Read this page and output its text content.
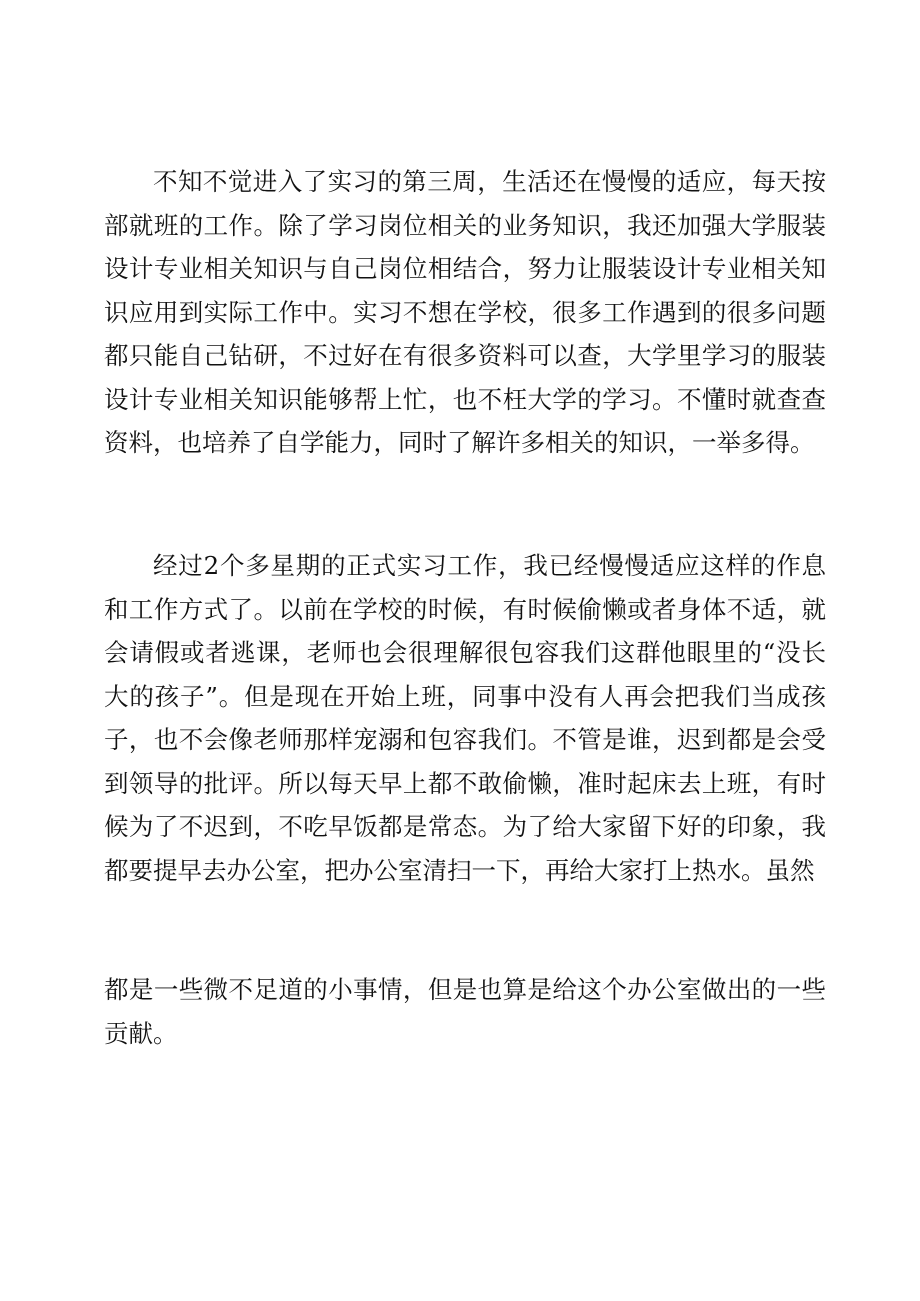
不知不觉进入了实习的第三周，生活还在慢慢的适应，每天按部就班的工作。除了学习岗位相关的业务知识，我还加强大学服装设计专业相关知识与自己岗位相结合，努力让服装设计专业相关知识应用到实际工作中。实习不想在学校，很多工作遇到的很多问题都只能自己钻研，不过好在有很多资料可以查，大学里学习的服装设计专业相关知识能够帮上忙，也不枉大学的学习。不懂时就查查资料，也培养了自学能力，同时了解许多相关的知识，一举多得。

经过2个多星期的正式实习工作，我已经慢慢适应这样的作息和工作方式了。以前在学校的时候，有时候偷懒或者身体不适，就会请假或者逃课，老师也会很理解很包容我们这群他眼里的“没长大的孩子”。但是现在开始上班，同事中没有人再会把我们当成孩子，也不会像老师那样宠溺和包容我们。不管是谁，迟到都是会受到领导的批评。所以每天早上都不敢偷懒，准时起床去上班，有时候为了不迟到，不吃早饭都是常态。为了给大家留下好的印象，我都要提早去办公室，把办公室清扫一下，再给大家打上热水。虽然

都是一些微不足道的小事情，但是也算是给这个办公室做出的一些贡献。
